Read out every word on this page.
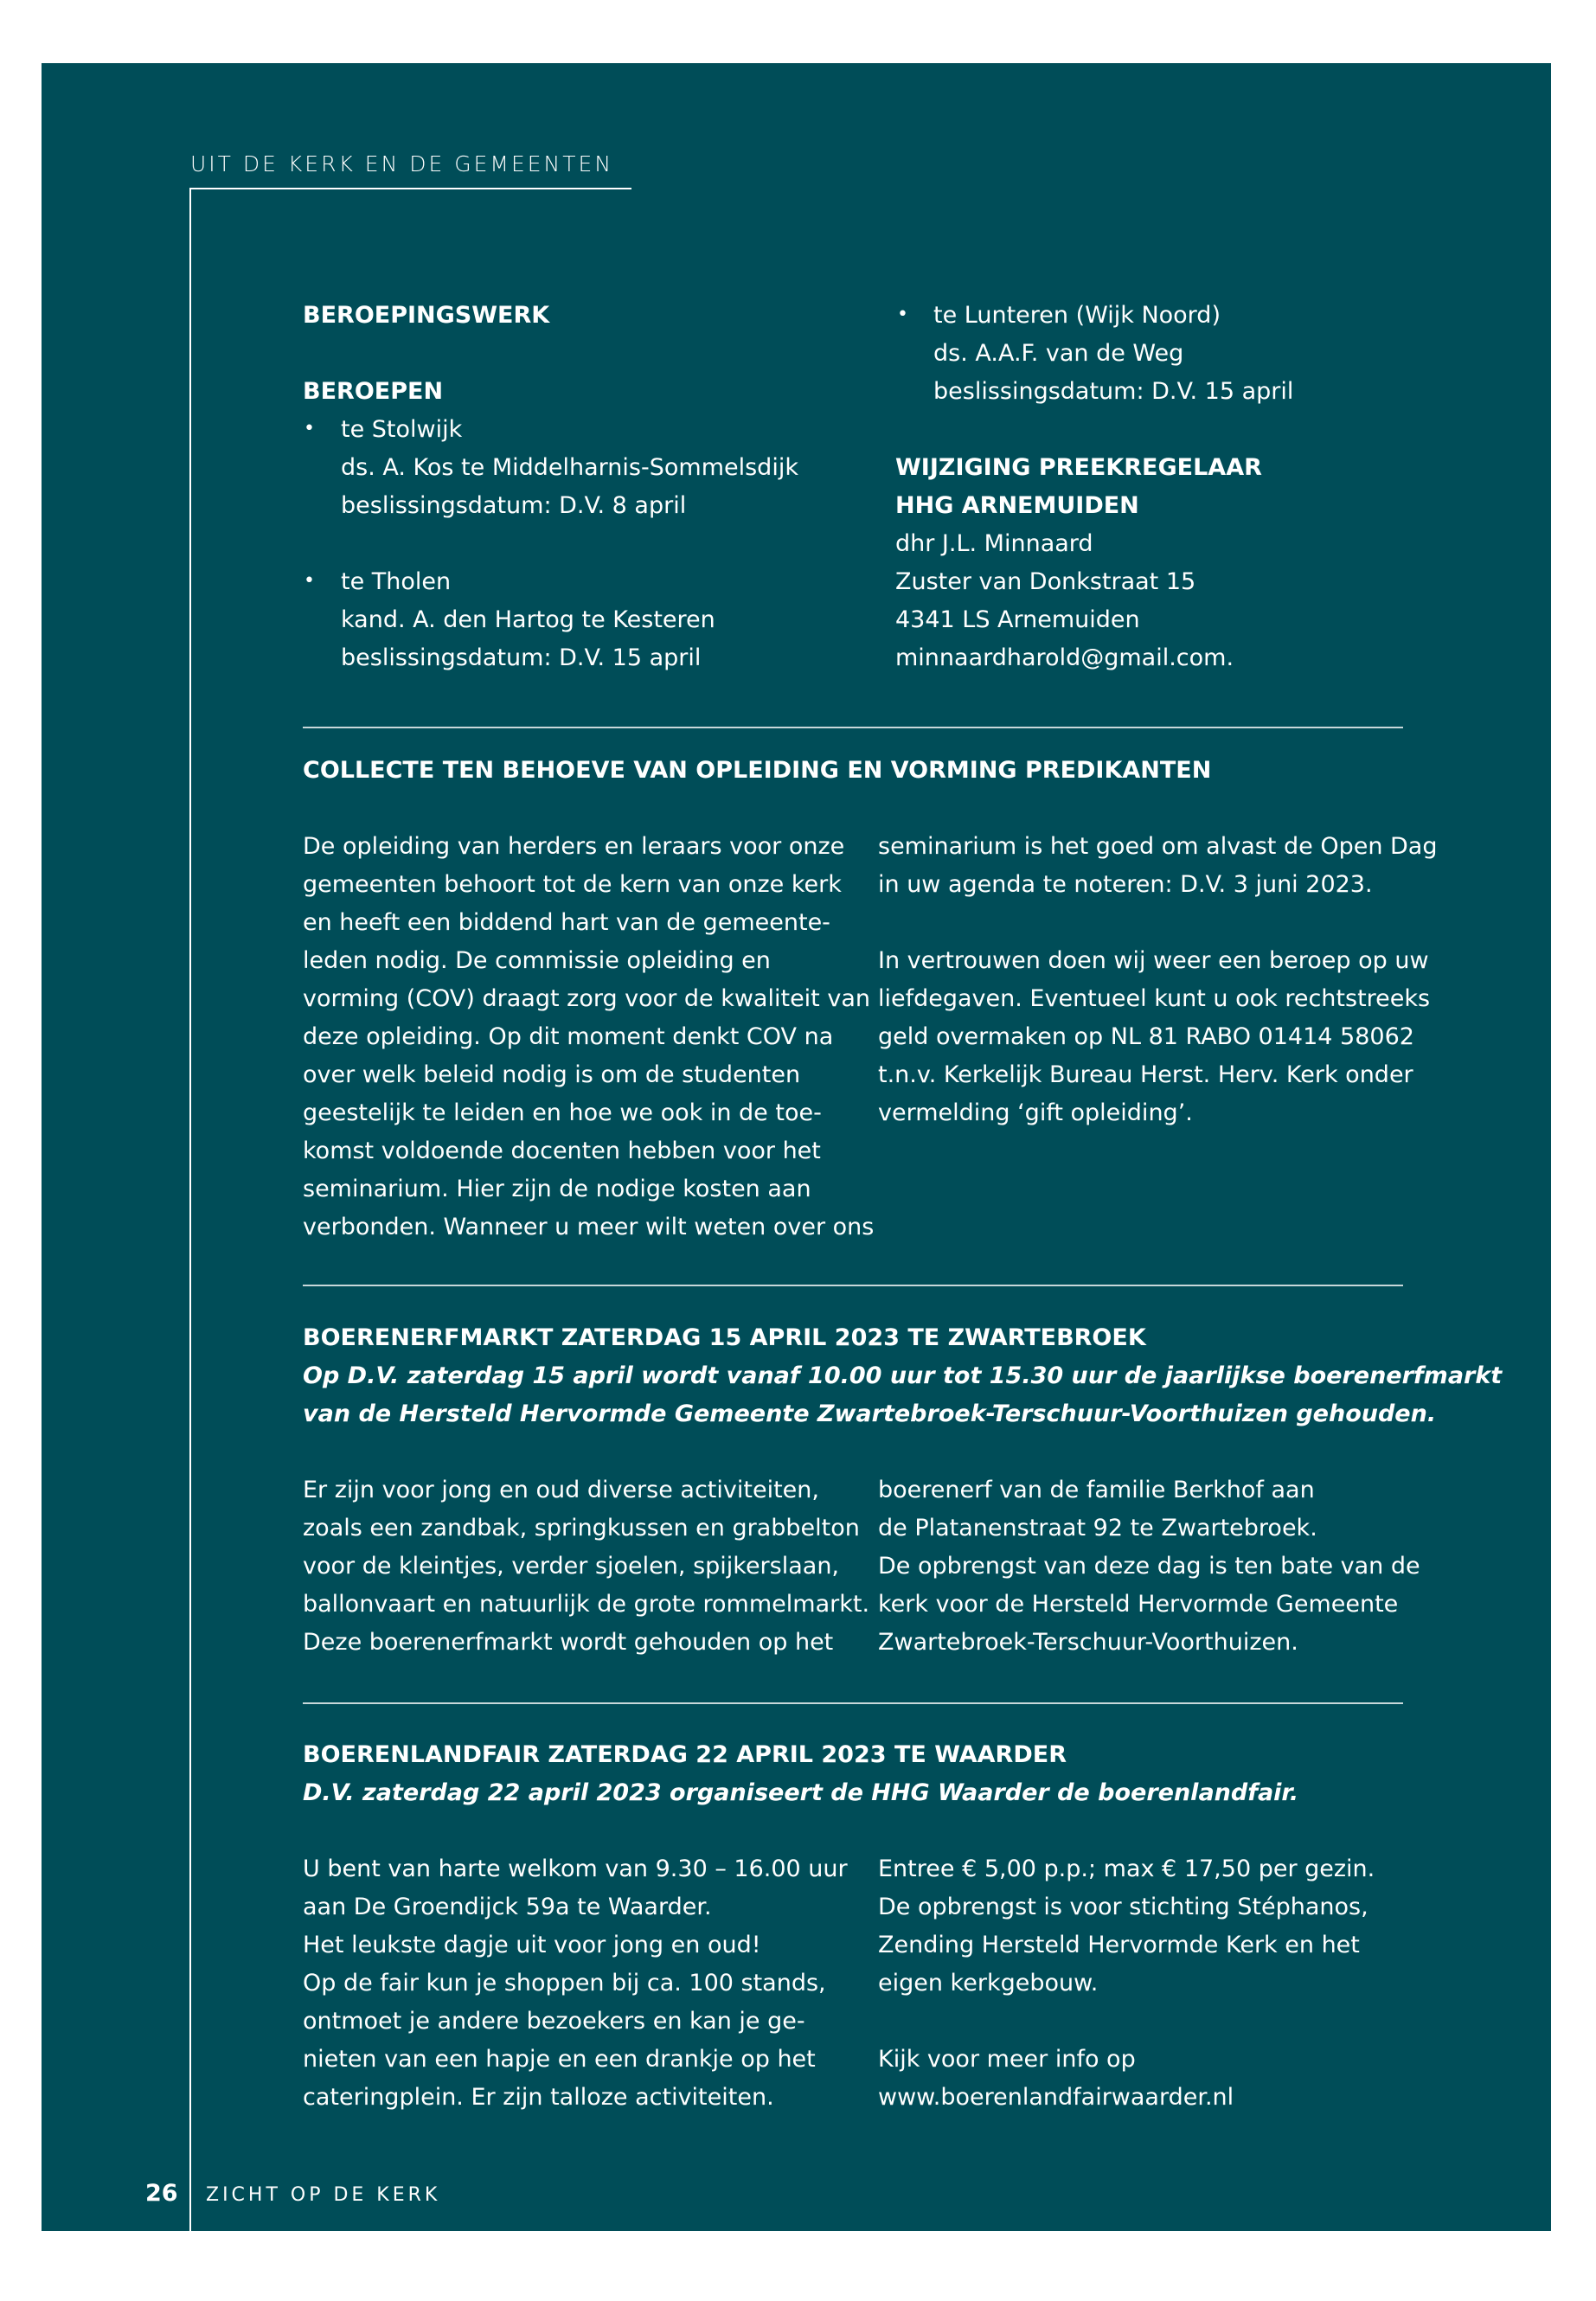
UIT DE KERK EN DE GEMEENTEN
BEROEPINGSWERK
BEROEPEN
• te Stolwijk
ds. A. Kos te Middelharnis-Sommelsdijk
beslissingsdatum: D.V. 8 april
• te Tholen
kand. A. den Hartog te Kesteren
beslissingsdatum: D.V. 15 april
• te Lunteren (Wijk Noord)
ds. A.A.F. van de Weg
beslissingsdatum: D.V. 15 april
WIJZIGING PREEKREGELAAR
HHG ARNEMUIDEN
dhr J.L. Minnaard
Zuster van Donkstraat 15
4341 LS Arnemuiden
minnaardharold@gmail.com.
COLLECTE TEN BEHOEVE VAN OPLEIDING EN VORMING PREDIKANTEN
De opleiding van herders en leraars voor onze
gemeenten behoort tot de kern van onze kerk
en heeft een biddend hart van de gemeente-
leden nodig. De commissie opleiding en
vorming (COV) draagt zorg voor de kwaliteit van
deze opleiding. Op dit moment denkt COV na
over welk beleid nodig is om de studenten
geestelijk te leiden en hoe we ook in de toe-
komst voldoende docenten hebben voor het
seminarium. Hier zijn de nodige kosten aan
verbonden. Wanneer u meer wilt weten over ons
seminarium is het goed om alvast de Open Dag
in uw agenda te noteren: D.V. 3 juni 2023.
In vertrouwen doen wij weer een beroep op uw
liefdegaven. Eventueel kunt u ook rechtstreeks
geld overmaken op NL 81 RABO 01414 58062
t.n.v. Kerkelijk Bureau Herst. Herv. Kerk onder
vermelding ‘gift opleiding’.
BOERENERFMARKT ZATERDAG 15 APRIL 2023 TE ZWARTEBROEK
Op D.V. zaterdag 15 april wordt vanaf 10.00 uur tot 15.30 uur de jaarlijkse boerenerfmarkt
van de Hersteld Hervormde Gemeente Zwartebroek-Terschuur-Voorthuizen gehouden.
Er zijn voor jong en oud diverse activiteiten,
zoals een zandbak, springkussen en grabbelton
voor de kleintjes, verder sjoelen, spijkerslaan,
ballonvaart en natuurlijk de grote rommelmarkt.
Deze boerenerfmarkt wordt gehouden op het
boerenerf van de familie Berkhof aan
de Platanenstraat 92 te Zwartebroek.
De opbrengst van deze dag is ten bate van de
kerk voor de Hersteld Hervormde Gemeente
Zwartebroek-Terschuur-Voorthuizen.
BOERENLANDFAIR ZATERDAG 22 APRIL 2023 TE WAARDER
D.V. zaterdag 22 april 2023 organiseert de HHG Waarder de boerenlandfair.
U bent van harte welkom van 9.30 – 16.00 uur
aan De Groendijck 59a te Waarder.
Het leukste dagje uit voor jong en oud!
Op de fair kun je shoppen bij ca. 100 stands,
ontmoet je andere bezoekers en kan je ge-
nieten van een hapje en een drankje op het
cateringplein. Er zijn talloze activiteiten.
Entree € 5,00 p.p.; max € 17,50 per gezin.
De opbrengst is voor stichting Stéphanos,
Zending Hersteld Hervormde Kerk en het
eigen kerkgebouw.
Kijk voor meer info op
www.boerenlandfairwaarder.nl
26 ZICHT OP DE KERK
